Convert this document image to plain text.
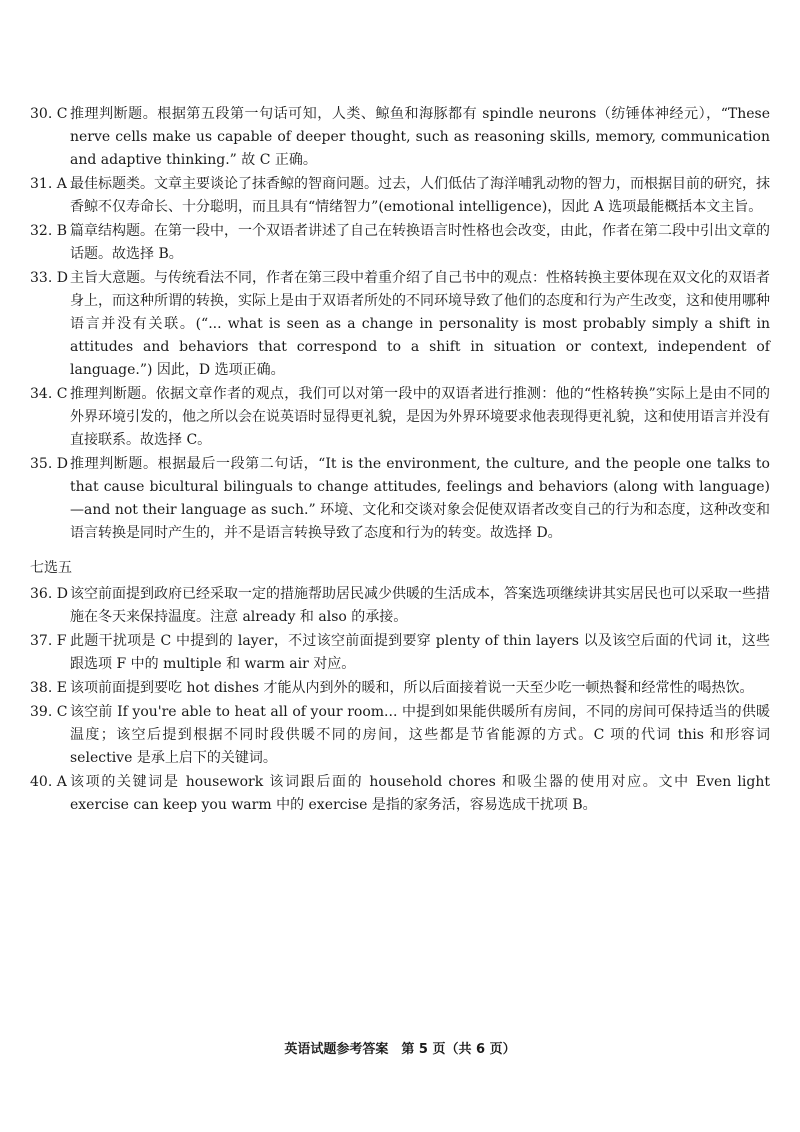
30. C 推理判断题。根据第五段第一句话可知，人类、鲸鱼和海豚都有 spindle neurons（纺锤体神经元），“These nerve cells make us capable of deeper thought, such as reasoning skills, memory, communication and adaptive thinking.” 故 C 正确。

31. A 最佳标题类。文章主要谈论了抹香鲸的智商问题。过去，人们低估了海洋哺乳动物的智力，而根据目前的研究，抹香鲸不仅寿命长、十分聪明，而且具有“情绪智力”(emotional intelligence)，因此 A 选项最能概括本文主旨。

32. B 篇章结构题。在第一段中，一个双语者讲述了自己在转换语言时性格也会改变，由此，作者在第二段中引出文章的话题。故选择 B。

33. D 主旨大意题。与传统看法不同，作者在第三段中着重介绍了自己书中的观点：性格转换主要体现在双文化的双语者身上，而这种所谓的转换，实际上是由于双语者所处的不同环境导致了他们的态度和行为产生改变，这和使用哪种语言并没有关联。(“... what is seen as a change in personality is most probably simply a shift in attitudes and behaviors that correspond to a shift in situation or context, independent of language.”) 因此，D 选项正确。

34. C 推理判断题。依据文章作者的观点，我们可以对第一段中的双语者进行推测：他的“性格转换”实际上是由不同的外界环境引发的，他之所以会在说英语时显得更礼貌，是因为外界环境要求他表现得更礼貌，这和使用语言并没有直接联系。故选择 C。

35. D 推理判断题。根据最后一段第二句话，“It is the environment, the culture, and the people one talks to that cause bicultural bilinguals to change attitudes, feelings and behaviors (along with language)—and not their language as such.” 环境、文化和交谈对象会促使双语者改变自己的行为和态度，这种改变和语言转换是同时产生的，并不是语言转换导致了态度和行为的转变。故选择 D。

七选五
36. D 该空前面提到政府已经采取一定的措施帮助居民减少供暖的生活成本，答案选项继续讲其实居民也可以采取一些措施在冬天来保持温度。注意 already 和 also 的承接。

37. F 此题干扰项是 C 中提到的 layer，不过该空前面提到要穿 plenty of thin layers 以及该空后面的代词 it，这些跟选项 F 中的 multiple 和 warm air 对应。

38. E 该项前面提到要吃 hot dishes 才能从内到外的暖和，所以后面接着说一天至少吃一顿热餐和经常性的喝热饮。

39. C 该空前 If you're able to heat all of your room... 中提到如果能供暖所有房间，不同的房间可保持适当的供暖温度；该空后提到根据不同时段供暖不同的房间，这些都是节省能源的方式。C 项的代词 this 和形容词 selective 是承上启下的关键词。

40. A 该项的关键词是 housework 该词跟后面的 household chores 和吸尘器的使用对应。文中 Even light exercise can keep you warm 中的 exercise 是指的家务活，容易选成干扰项 B。

英语试题参考答案　第 5 页（共 6 页）
